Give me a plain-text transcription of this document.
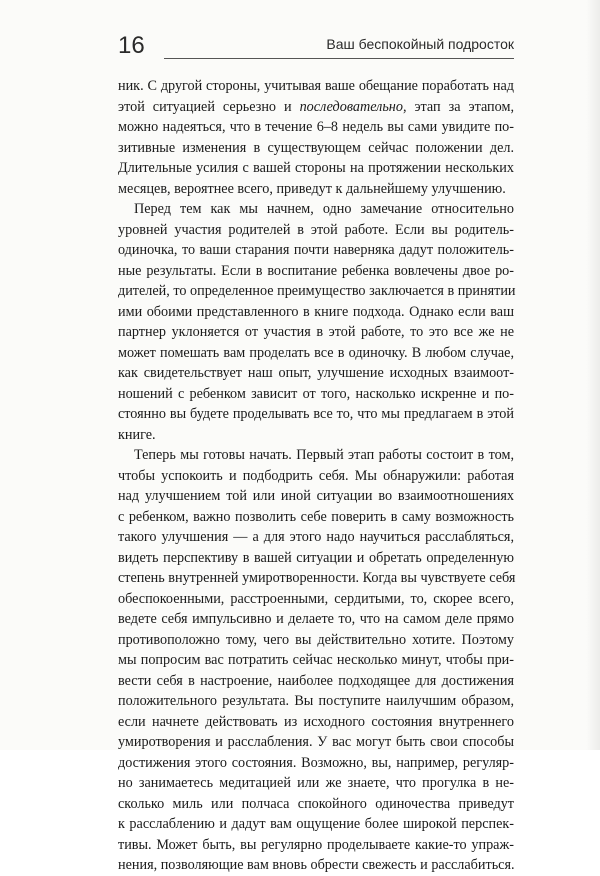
16	Ваш беспокойный подросток
ник. С другой стороны, учитывая ваше обещание поработать над
этой ситуацией серьезно и последовательно, этап за этапом,
можно надеяться, что в течение 6–8 недель вы сами увидите по-
зитивные изменения в существующем сейчас положении дел.
Длительные усилия с вашей стороны на протяжении нескольких
месяцев, вероятнее всего, приведут к дальнейшему улучшению.
Перед тем как мы начнем, одно замечание относительно
уровней участия родителей в этой работе. Если вы родитель-
одиночка, то ваши старания почти наверняка дадут положитель-
ные результаты. Если в воспитание ребенка вовлечены двое ро-
дителей, то определенное преимущество заключается в принятии
ими обоими представленного в книге подхода. Однако если ваш
партнер уклоняется от участия в этой работе, то это все же не
может помешать вам проделать все в одиночку. В любом случае,
как свидетельствует наш опыт, улучшение исходных взаимоот-
ношений с ребенком зависит от того, насколько искренне и по-
стоянно вы будете проделывать все то, что мы предлагаем в этой
книге.
Теперь мы готовы начать. Первый этап работы состоит в том,
чтобы успокоить и подбодрить себя. Мы обнаружили: работая
над улучшением той или иной ситуации во взаимоотношениях
с ребенком, важно позволить себе поверить в саму возможность
такого улучшения — а для этого надо научиться расслабляться,
видеть перспективу в вашей ситуации и обретать определенную
степень внутренней умиротворенности. Когда вы чувствуете себя
обеспокоенными, расстроенными, сердитыми, то, скорее всего,
ведете себя импульсивно и делаете то, что на самом деле прямо
противоположно тому, чего вы действительно хотите. Поэтому
мы попросим вас потратить сейчас несколько минут, чтобы при-
вести себя в настроение, наиболее подходящее для достижения
положительного результата. Вы поступите наилучшим образом,
если начнете действовать из исходного состояния внутреннего
умиротворения и расслабления. У вас могут быть свои способы
достижения этого состояния. Возможно, вы, например, регуляр-
но занимаетесь медитацией или же знаете, что прогулка в не-
сколько миль или полчаса спокойного одиночества приведут
к расслаблению и дадут вам ощущение более широкой перспек-
тивы. Может быть, вы регулярно проделываете какие-то упраж-
нения, позволяющие вам вновь обрести свежесть и расслабиться.
